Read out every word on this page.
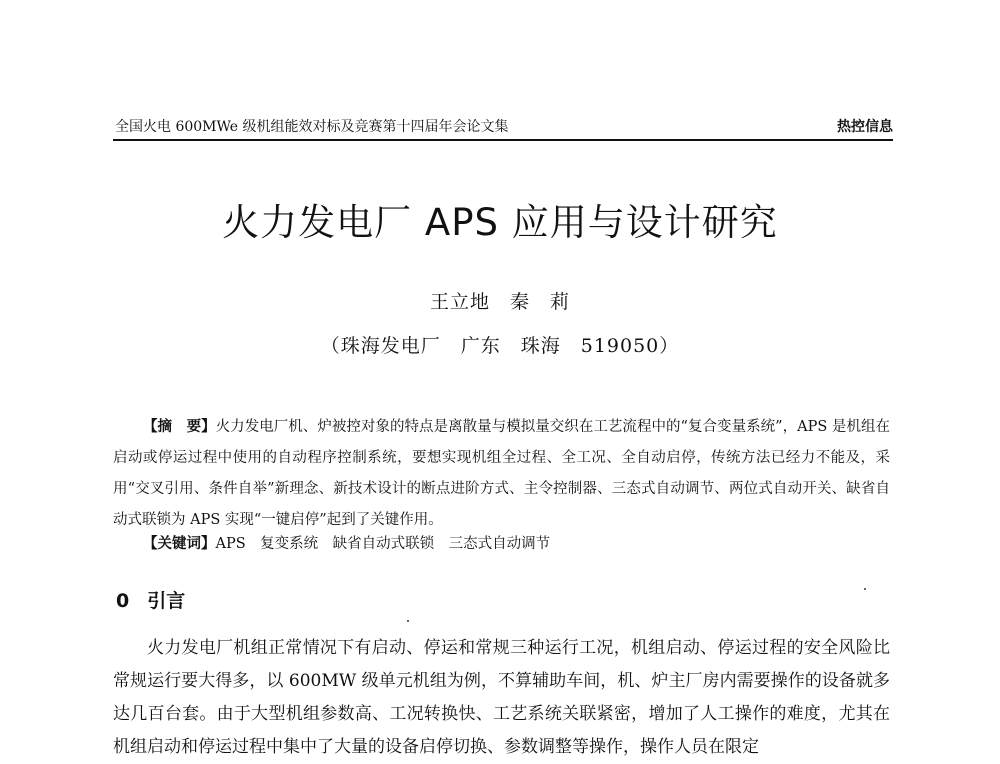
全国火电 600MWe 级机组能效对标及竞赛第十四届年会论文集	热控信息
火力发电厂 APS 应用与设计研究
王立地　秦　莉
（珠海发电厂　广东　珠海　519050）

【摘　要】火力发电厂机、炉被控对象的特点是离散量与模拟量交织在工艺流程中的“复合变量系统”，APS 是机组在启动或停运过程中使用的自动程序控制系统，要想实现机组全过程、全工况、全自动启停，传统方法已经力不能及，采用“交叉引用、条件自举”新理念、新技术设计的断点进阶方式、主令控制器、三态式自动调节、两位式自动开关、缺省自动式联锁为 APS 实现“一键启停”起到了关键作用。

【关键词】APS　复变系统　缺省自动式联锁　三态式自动调节

0 引言

火力发电厂机组正常情况下有启动、停运和常规三种运行工况，机组启动、停运过程的安全风险比常规运行要大得多，以 600MW 级单元机组为例，不算辅助车间，机、炉主厂房内需要操作的设备就多达几百台套。由于大型机组参数高、工况转换快、工艺系统关联紧密，增加了人工操作的难度，尤其在机组启动和停运过程中集中了大量的设备启停切换、参数调整等操作，操作人员在限定
